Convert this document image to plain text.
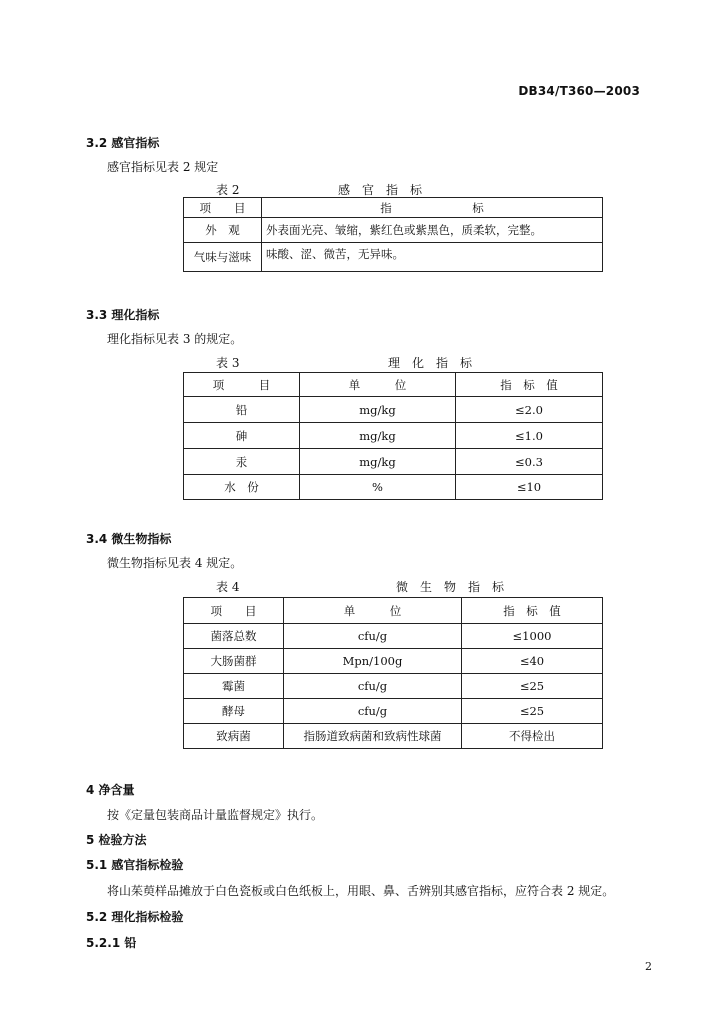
DB34/T360—2003
3.2 感官指标
感官指标见表 2 规定
表 2	感　官　指　标
项　　目	指　　　　　　　标
外　观	外表面光亮、皱缩，紫红色或紫黑色，质柔软，完整。
气味与滋味	味酸、涩、微苦，无异味。
3.3 理化指标
理化指标见表 3 的规定。
表 3	理　化　指　标
项　　　目	单　　　位	指　标　值
铅	mg/kg	≤2.0
砷	mg/kg	≤1.0
汞	mg/kg	≤0.3
水　份	%	≤10
3.4 微生物指标
微生物指标见表 4 规定。
表 4	微　生　物　指　标
项　　目	单　　　位	指　标　值
菌落总数	cfu/g	≤1000
大肠菌群	Mpn/100g	≤40
霉菌	cfu/g	≤25
酵母	cfu/g	≤25
致病菌	指肠道致病菌和致病性球菌	不得检出
4 净含量
按《定量包装商品计量监督规定》执行。
5 检验方法
5.1 感官指标检验
将山茱萸样品摊放于白色瓷板或白色纸板上，用眼、鼻、舌辨别其感官指标，应符合表 2 规定。
5.2 理化指标检验
5.2.1 铅
2
